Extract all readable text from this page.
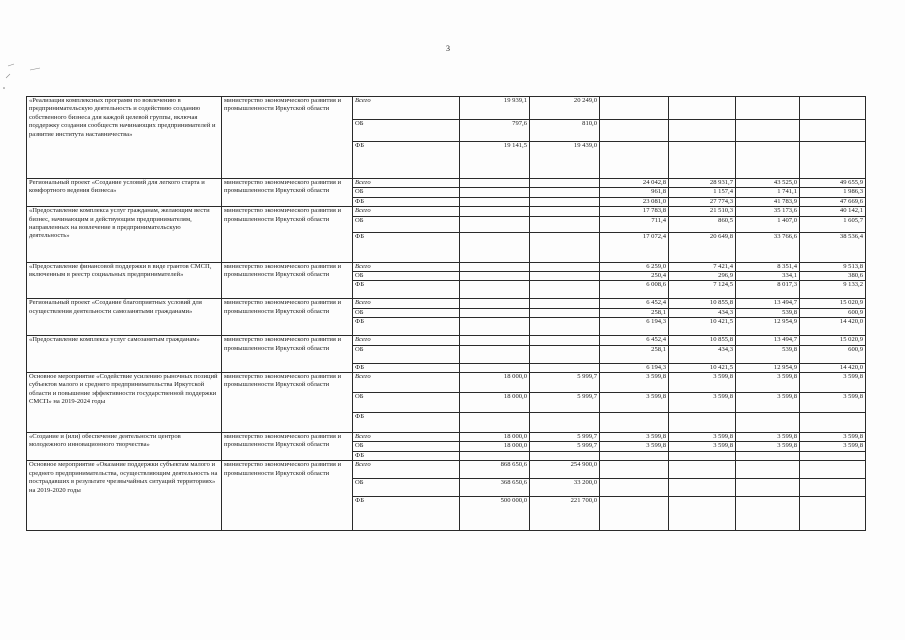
3
«Реализация комплексных программ по вовлечению в предпринимательскую деятельность и содействию созданию собственного бизнеса для каждой целевой группы, включая поддержку создания сообществ начинающих предпринимателей и развитие института наставничества»	министерство экономического развития и промышленности Иркутской области	Всего	19 939,1	20 249,0				
		ОБ	797,6	810,0				
		ФБ	19 141,5	19 439,0				
Региональный проект «Создание условий для легкого старта и комфортного ведения бизнеса»	министерство экономического развития и промышленности Иркутской области	Всего			24 042,8	28 931,7	43 525,0	49 655,9
		ОБ			961,8	1 157,4	1 741,1	1 986,3
		ФБ			23 081,0	27 774,3	41 783,9	47 669,6
«Предоставление комплекса услуг гражданам, желающим вести бизнес, начинающим и действующим предпринимателям, направленных на вовлечение в предпринимательскую деятельность»	министерство экономического развития и промышленности Иркутской области	Всего			17 783,8	21 510,3	35 173,6	40 142,1
		ОБ			711,4	860,5	1 407,0	1 605,7
		ФБ			17 072,4	20 649,8	33 766,6	38 536,4
«Предоставление финансовой поддержки в виде грантов СМСП, включенным в реестр социальных предпринимателей»	министерство экономического развития и промышленности Иркутской области	Всего			6 259,0	7 421,4	8 351,4	9 513,8
		ОБ			250,4	296,9	334,1	380,6
		ФБ			6 008,6	7 124,5	8 017,3	9 133,2
Региональный проект «Создание благоприятных условий для осуществления деятельности самозанятыми гражданами»	министерство экономического развития и промышленности Иркутской области	Всего			6 452,4	10 855,8	13 494,7	15 020,9
		ОБ			258,1	434,3	539,8	600,9
		ФБ			6 194,3	10 421,5	12 954,9	14 420,0
«Предоставление комплекса услуг самозанятым гражданам»	министерство экономического развития и промышленности Иркутской области	Всего			6 452,4	10 855,8	13 494,7	15 020,9
		ОБ			258,1	434,3	539,8	600,9
		ФБ			6 194,3	10 421,5	12 954,9	14 420,0
Основное мероприятие «Содействие усилению рыночных позиций субъектов малого и среднего предпринимательства Иркутской области и повышение эффективности государственной поддержки СМСП» на 2019-2024 годы	министерство экономического развития и промышленности Иркутской области	Всего	18 000,0	5 999,7	3 599,8	3 599,8	3 599,8	3 599,8
		ОБ	18 000,0	5 999,7	3 599,8	3 599,8	3 599,8	3 599,8
		ФБ						
«Создание и (или) обеспечение деятельности центров молодежного инновационного творчества»	министерство экономического развития и промышленности Иркутской области	Всего	18 000,0	5 999,7	3 599,8	3 599,8	3 599,8	3 599,8
		ОБ	18 000,0	5 999,7	3 599,8	3 599,8	3 599,8	3 599,8
		ФБ						
Основное мероприятие «Оказание поддержки субъектам малого и среднего предпринимательства, осуществляющим деятельность на пострадавших в результате чрезвычайных ситуаций территориях» на 2019-2020 годы	министерство экономического развития и промышленности Иркутской области	Всего	868 650,6	254 900,0				
		ОБ	368 650,6	33 200,0				
		ФБ	500 000,0	221 700,0				
